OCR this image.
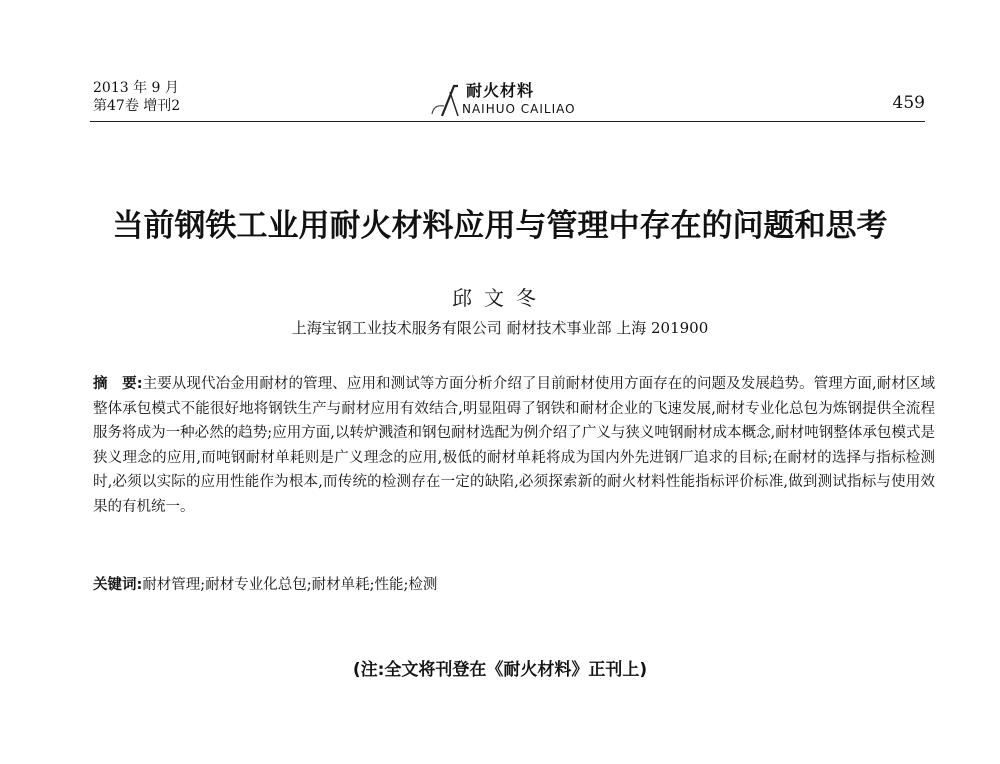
2013 年 9 月
第47卷 增刊2
耐火材料
NAIHUO CAILIAO	459
当前钢铁工业用耐火材料应用与管理中存在的问题和思考
邱文冬
上海宝钢工业技术服务有限公司 耐材技术事业部 上海 201900
摘　要:主要从现代冶金用耐材的管理、应用和测试等方面分析介绍了目前耐材使用方面存在的问题及发展趋势。管理方面,耐材区域整体承包模式不能很好地将钢铁生产与耐材应用有效结合,明显阻碍了钢铁和耐材企业的飞速发展,耐材专业化总包为炼钢提供全流程服务将成为一种必然的趋势;应用方面,以转炉溅渣和钢包耐材选配为例介绍了广义与狭义吨钢耐材成本概念,耐材吨钢整体承包模式是狭义理念的应用,而吨钢耐材单耗则是广义理念的应用,极低的耐材单耗将成为国内外先进钢厂追求的目标;在耐材的选择与指标检测时,必须以实际的应用性能作为根本,而传统的检测存在一定的缺陷,必须探索新的耐火材料性能指标评价标准,做到测试指标与使用效果的有机统一。
关键词:耐材管理;耐材专业化总包;耐材单耗;性能;检测
(注:全文将刊登在《耐火材料》正刊上)
